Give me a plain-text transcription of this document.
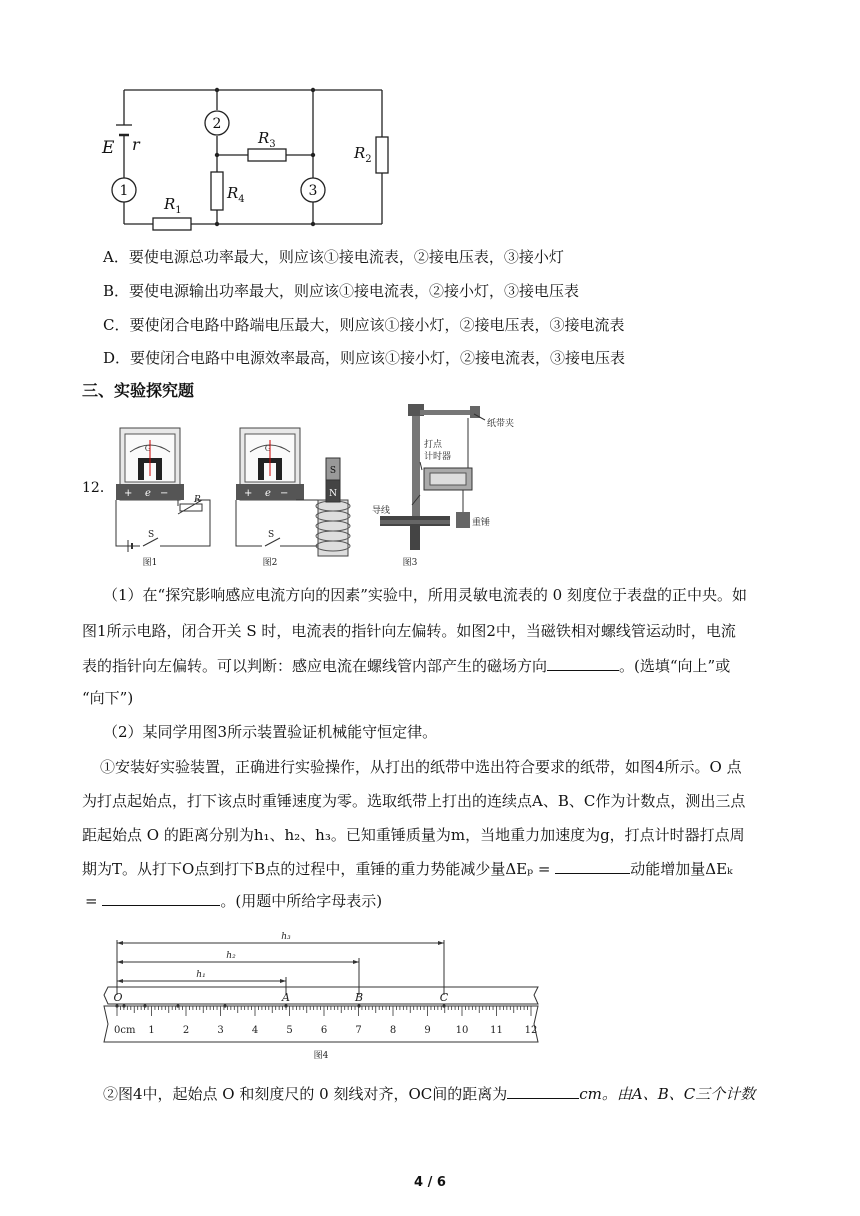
1
2
3
E r
$R_1$
$R_3$
$R_4$
$R_2$
A．要使电源总功率最大，则应该①接电流表，②接电压表，③接小灯
B．要使电源输出功率最大，则应该①接电流表，②接小灯，③接电压表
C．要使闭合电路中路端电压最大，则应该①接小灯，②接电压表，③接电流表
D．要使闭合电路中电源效率最高，则应该①接小灯，②接电流表，③接电压表
三、实验探究题
12．
G
+ e −
R
S
图1
G
+ e −
S
S
N
图2
纸带夹
打点
计时器
导线
重锤
图3
（1）在“探究影响感应电流方向的因素”实验中，所用灵敏电流表的 0 刻度位于表盘的正中央。如
图1所示电路，闭合开关 S 时，电流表的指针向左偏转。如图2中，当磁铁相对螺线管运动时，电流
表的指针向左偏转。可以判断：感应电流在螺线管内部产生的磁场方向	。(选填“向上”或
“向下”)
（2）某同学用图3所示装置验证机械能守恒定律。
①安装好实验装置，正确进行实验操作，从打出的纸带中选出符合要求的纸带，如图4所示。O 点
为打点起始点，打下该点时重锤速度为零。选取纸带上打出的连续点A、B、C作为计数点，测出三点
距起始点 O 的距离分别为h₁、h₂、h₃。已知重锤质量为m，当地重力加速度为g，打点计时器打点周
期为T。从打下O点到打下B点的过程中，重锤的重力势能减少量ΔEₚ =	动能增加量ΔEₖ
=	。(用题中所给字母表示)
h₃
h₂
h₁
O	A	B	C
0cm 1	2	3	4	5	6	7	8	9 10 11 12
图4
②图4中，起始点 O 和刻度尺的 0 刻线对齐，OC间的距离为	cm。由A、B、C三个计数
4 / 6
